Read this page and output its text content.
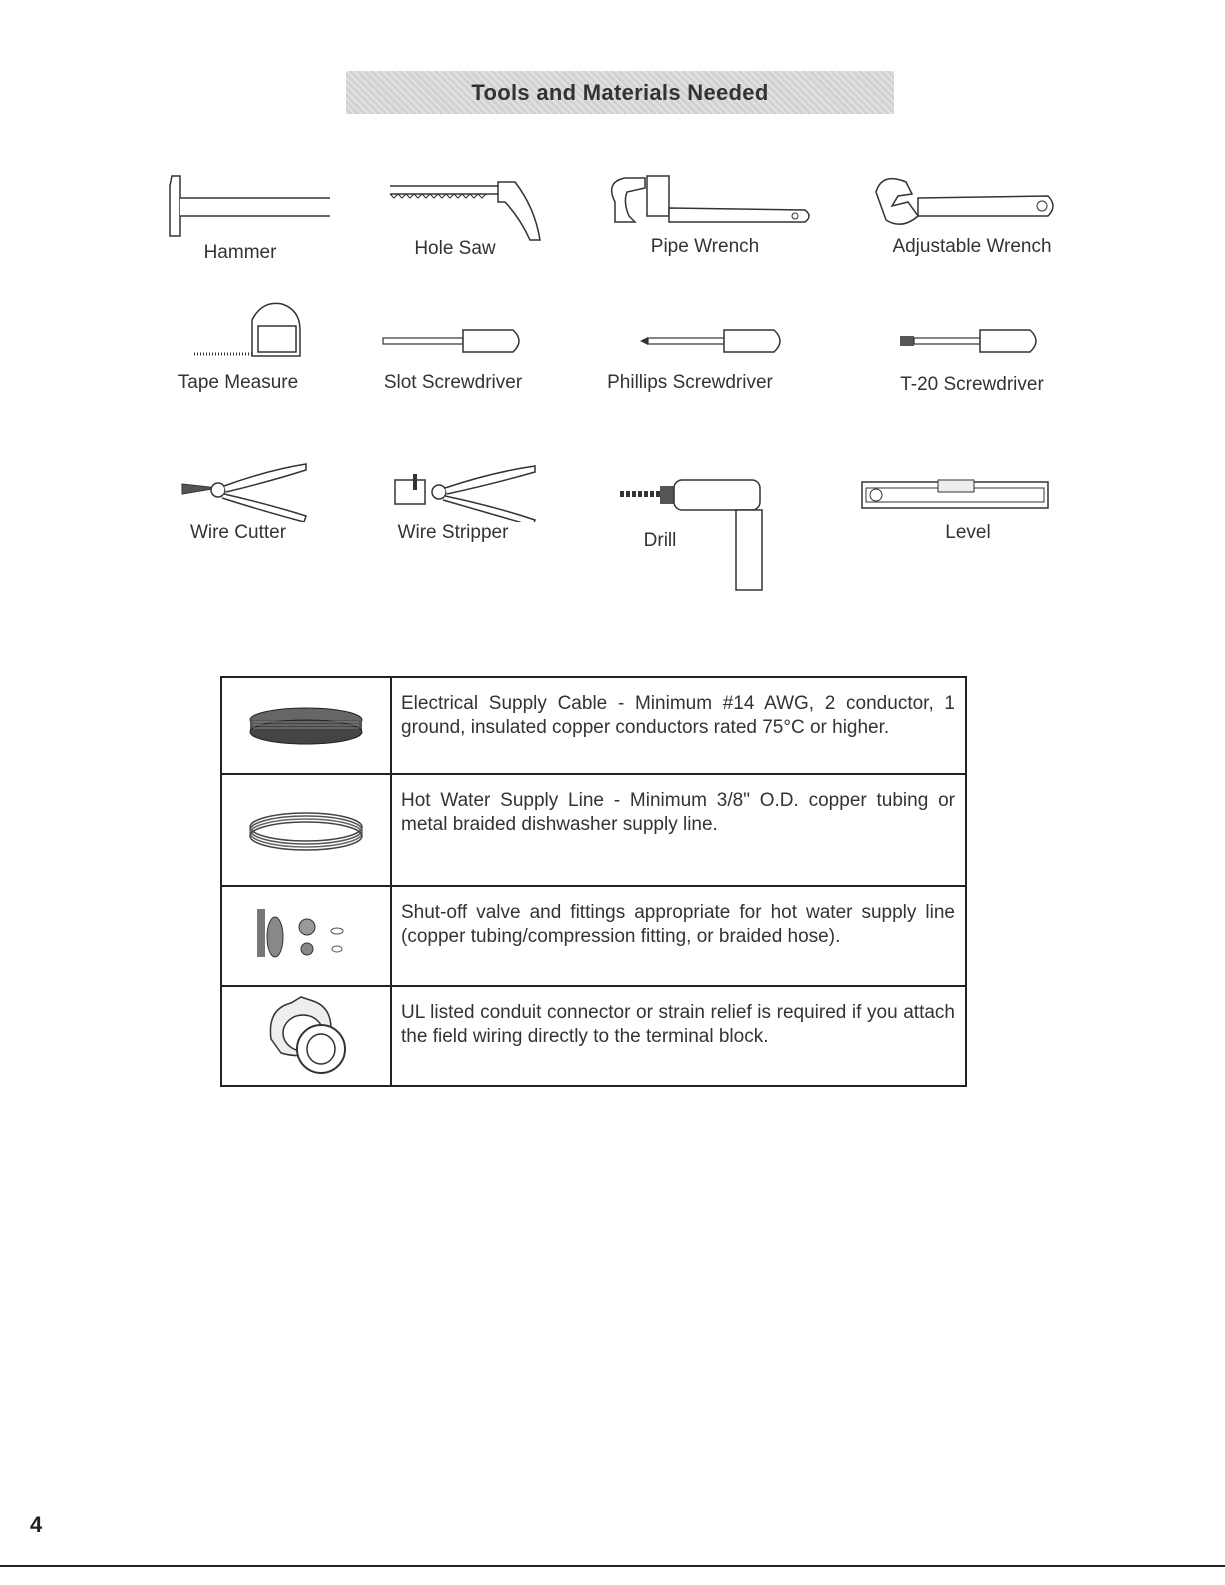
Tools and Materials Needed
Hammer	Hole Saw	Pipe Wrench	Adjustable Wrench
Tape Measure	Slot Screwdriver	Phillips Screwdriver	T-20 Screwdriver
Wire Cutter	Wire Stripper	Drill	Level
	Electrical Supply Cable - Minimum #14 AWG, 2 conductor, 1 ground, insulated copper conductors rated 75°C or higher.
	Hot Water Supply Line - Minimum 3/8" O.D. copper tubing or metal braided dishwasher supply line.
	Shut-off valve and fittings appropriate for hot water supply line (copper tubing/compression fitting, or braided hose).
	UL listed conduit connector or strain relief is required if you attach the field wiring directly to the terminal block.
4
